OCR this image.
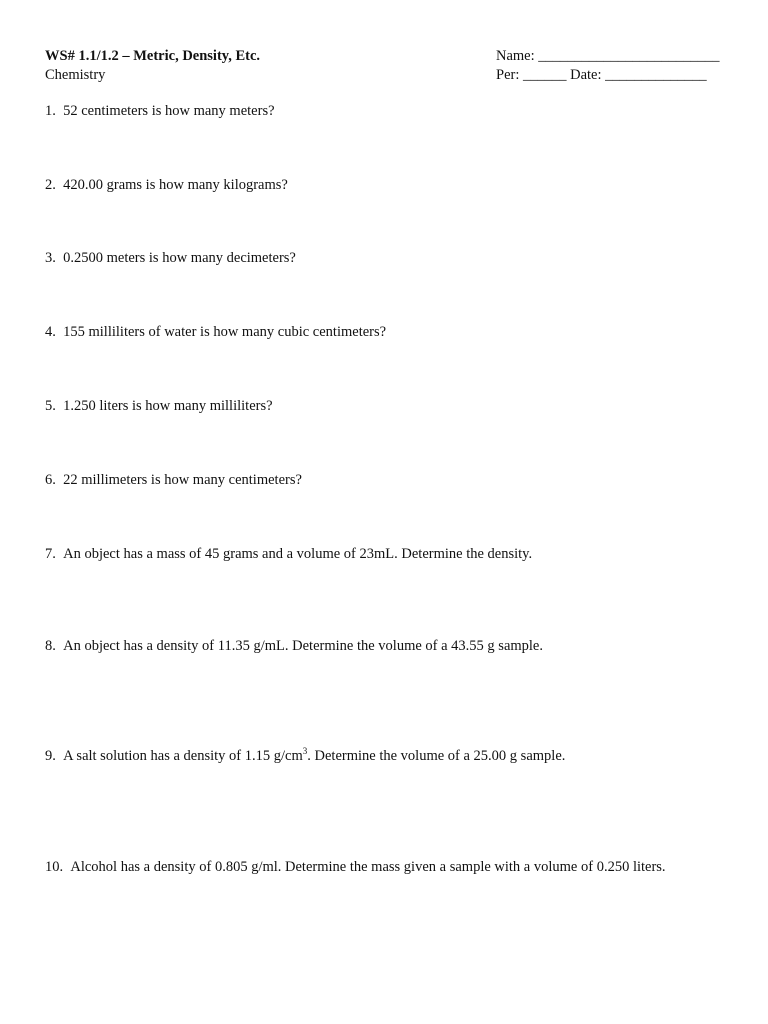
WS# 1.1/1.2 – Metric, Density, Etc.
Chemistry
Name: _________________________
Per: ______ Date: ______________
1. 52 centimeters is how many meters?
2. 420.00 grams is how many kilograms?
3. 0.2500 meters is how many decimeters?
4. 155 milliliters of water is how many cubic centimeters?
5. 1.250 liters is how many milliliters?
6. 22 millimeters is how many centimeters?
7. An object has a mass of 45 grams and a volume of 23mL. Determine the density.
8. An object has a density of 11.35 g/mL. Determine the volume of a 43.55 g sample.
9. A salt solution has a density of 1.15 $g/cm^3$. Determine the volume of a 25.00 g sample.
10. Alcohol has a density of 0.805 g/ml. Determine the mass given a sample with a volume of 0.250 liters.
